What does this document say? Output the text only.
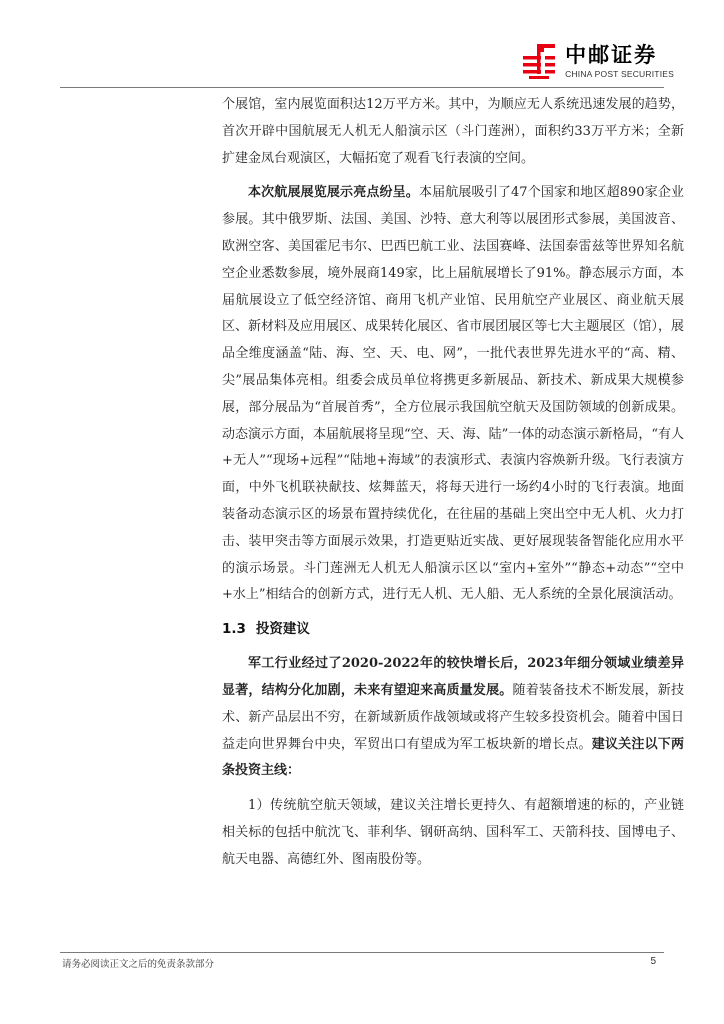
中邮证券
CHINA POST SECURITIES

个展馆，室内展览面积达12万平方米。其中，为顺应无人系统迅速发展的趋势，首次开辟中国航展无人机无人船演示区（斗门莲洲），面积约33万平方米；全新扩建金凤台观演区，大幅拓宽了观看飞行表演的空间。

本次航展展览展示亮点纷呈。本届航展吸引了47个国家和地区超890家企业参展。其中俄罗斯、法国、美国、沙特、意大利等以展团形式参展，美国波音、欧洲空客、美国霍尼韦尔、巴西巴航工业、法国赛峰、法国泰雷兹等世界知名航空企业悉数参展，境外展商149家，比上届航展增长了91%。静态展示方面，本届航展设立了低空经济馆、商用飞机产业馆、民用航空产业展区、商业航天展区、新材料及应用展区、成果转化展区、省市展团展区等七大主题展区（馆），展品全维度涵盖“陆、海、空、天、电、网”，一批代表世界先进水平的“高、精、尖”展品集体亮相。组委会成员单位将携更多新展品、新技术、新成果大规模参展，部分展品为“首展首秀”，全方位展示我国航空航天及国防领域的创新成果。动态演示方面，本届航展将呈现“空、天、海、陆”一体的动态演示新格局，“有人+无人”“现场+远程”“陆地+海域”的表演形式、表演内容焕新升级。飞行表演方面，中外飞机联袂献技、炫舞蓝天，将每天进行一场约4小时的飞行表演。地面装备动态演示区的场景布置持续优化，在往届的基础上突出空中无人机、火力打击、装甲突击等方面展示效果，打造更贴近实战、更好展现装备智能化应用水平的演示场景。斗门莲洲无人机无人船演示区以“室内+室外”“静态+动态”“空中+水上”相结合的创新方式，进行无人机、无人船、无人系统的全景化展演活动。

1.3 投资建议

军工行业经过了2020-2022年的较快增长后，2023年细分领域业绩差异显著，结构分化加剧，未来有望迎来高质量发展。随着装备技术不断发展，新技术、新产品层出不穷，在新域新质作战领域或将产生较多投资机会。随着中国日益走向世界舞台中央，军贸出口有望成为军工板块新的增长点。建议关注以下两条投资主线：

1）传统航空航天领域，建议关注增长更持久、有超额增速的标的，产业链相关标的包括中航沈飞、菲利华、钢研高纳、国科军工、天箭科技、国博电子、航天电器、高德红外、图南股份等。

请务必阅读正文之后的免责条款部分	5
